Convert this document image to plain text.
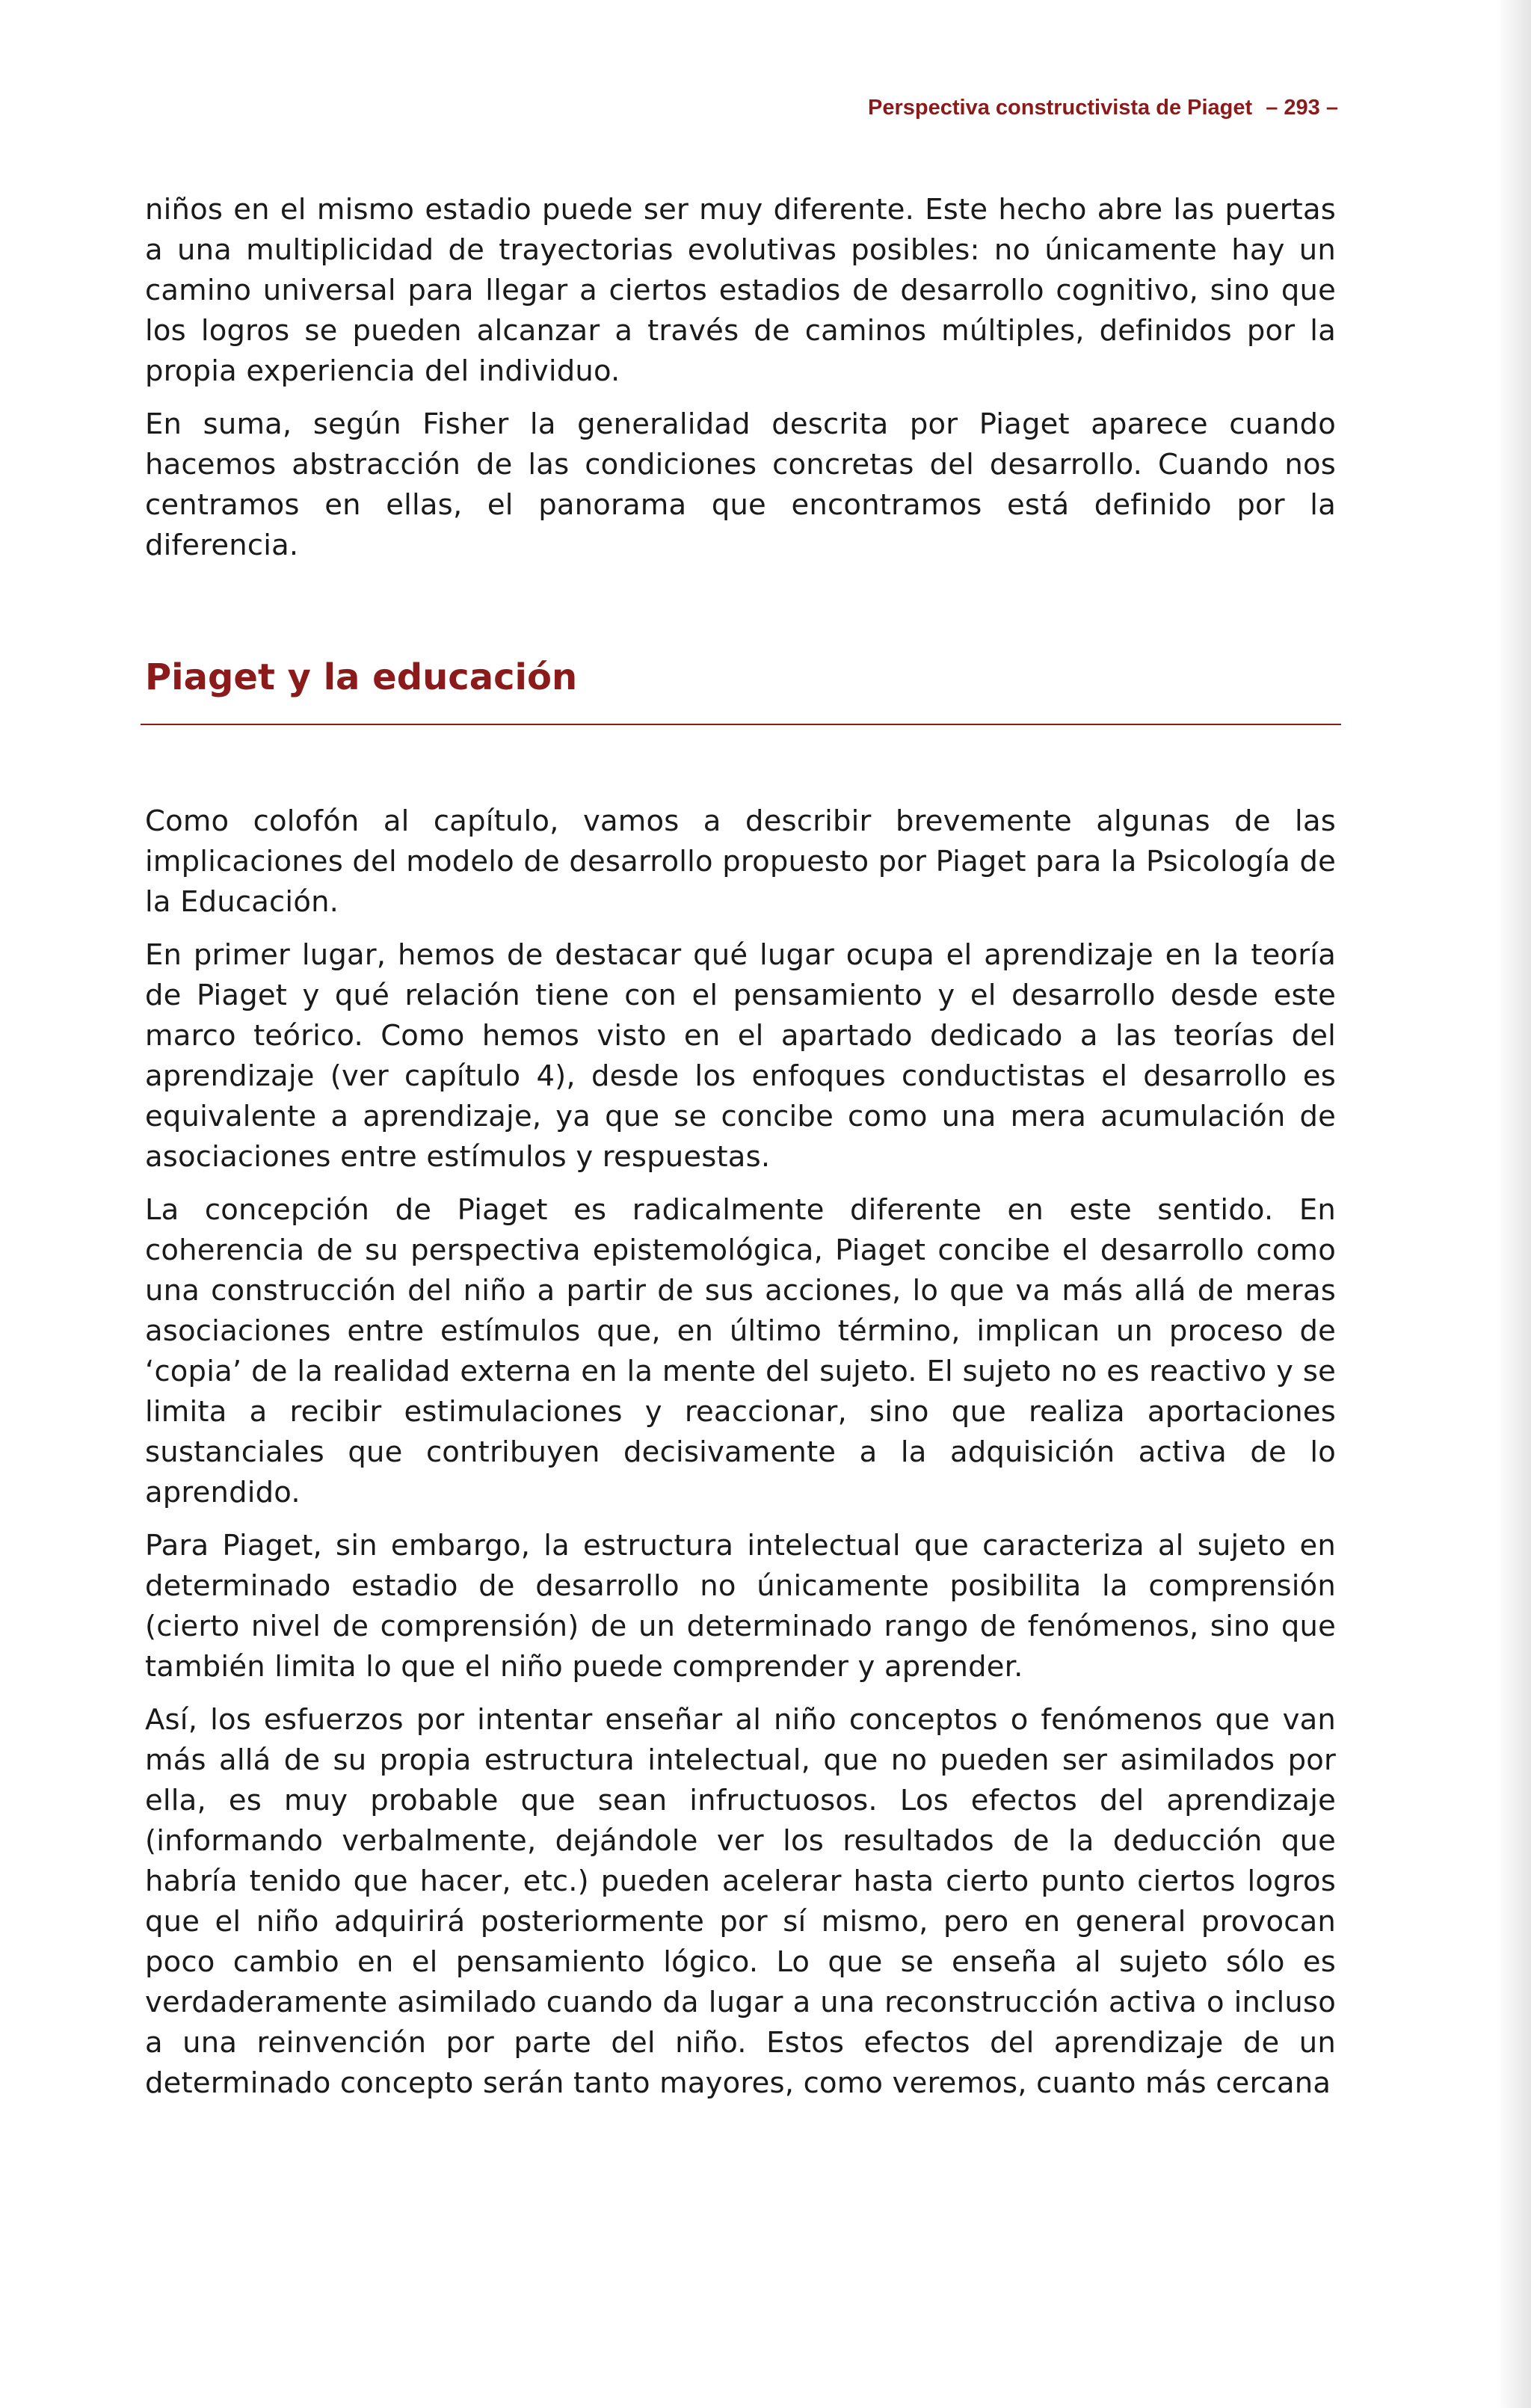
Perspectiva constructivista de Piaget – 293 –

niños en el mismo estadio puede ser muy diferente. Este hecho abre las puertas a una multiplicidad de trayectorias evolutivas posibles: no únicamente hay un camino universal para llegar a ciertos estadios de desarrollo cognitivo, sino que los logros se pueden alcanzar a través de caminos múltiples, definidos por la propia experiencia del individuo.

En suma, según Fisher la generalidad descrita por Piaget aparece cuando hacemos abstracción de las condiciones concretas del desarrollo. Cuando nos centramos en ellas, el panorama que encontramos está definido por la diferencia.

Piaget y la educación

Como colofón al capítulo, vamos a describir brevemente algunas de las implicaciones del modelo de desarrollo propuesto por Piaget para la Psicología de la Educación.

En primer lugar, hemos de destacar qué lugar ocupa el aprendizaje en la teoría de Piaget y qué relación tiene con el pensamiento y el desarrollo desde este marco teórico. Como hemos visto en el apartado dedicado a las teorías del aprendizaje (ver capítulo 4), desde los enfoques conductistas el desarrollo es equivalente a aprendizaje, ya que se concibe como una mera acumulación de asociaciones entre estímulos y respuestas.

La concepción de Piaget es radicalmente diferente en este sentido. En coherencia de su perspectiva epistemológica, Piaget concibe el desarrollo como una construcción del niño a partir de sus acciones, lo que va más allá de meras asociaciones entre estímulos que, en último término, implican un proceso de ‘copia’ de la realidad externa en la mente del sujeto. El sujeto no es reactivo y se limita a recibir estimulaciones y reaccionar, sino que realiza aportaciones sustanciales que contribuyen decisivamente a la adquisición activa de lo aprendido.

Para Piaget, sin embargo, la estructura intelectual que caracteriza al sujeto en determinado estadio de desarrollo no únicamente posibilita la comprensión (cierto nivel de comprensión) de un determinado rango de fenómenos, sino que también limita lo que el niño puede comprender y aprender.

Así, los esfuerzos por intentar enseñar al niño conceptos o fenómenos que van más allá de su propia estructura intelectual, que no pueden ser asimilados por ella, es muy probable que sean infructuosos. Los efectos del aprendizaje (informando verbalmente, dejándole ver los resultados de la deducción que habría tenido que hacer, etc.) pueden acelerar hasta cierto punto ciertos logros que el niño adquirirá posteriormente por sí mismo, pero en general provocan poco cambio en el pensamiento lógico. Lo que se enseña al sujeto sólo es verdaderamente asimilado cuando da lugar a una reconstrucción activa o incluso a una reinvención por parte del niño. Estos efectos del aprendizaje de un determinado concepto serán tanto mayores, como veremos, cuanto más cercana
